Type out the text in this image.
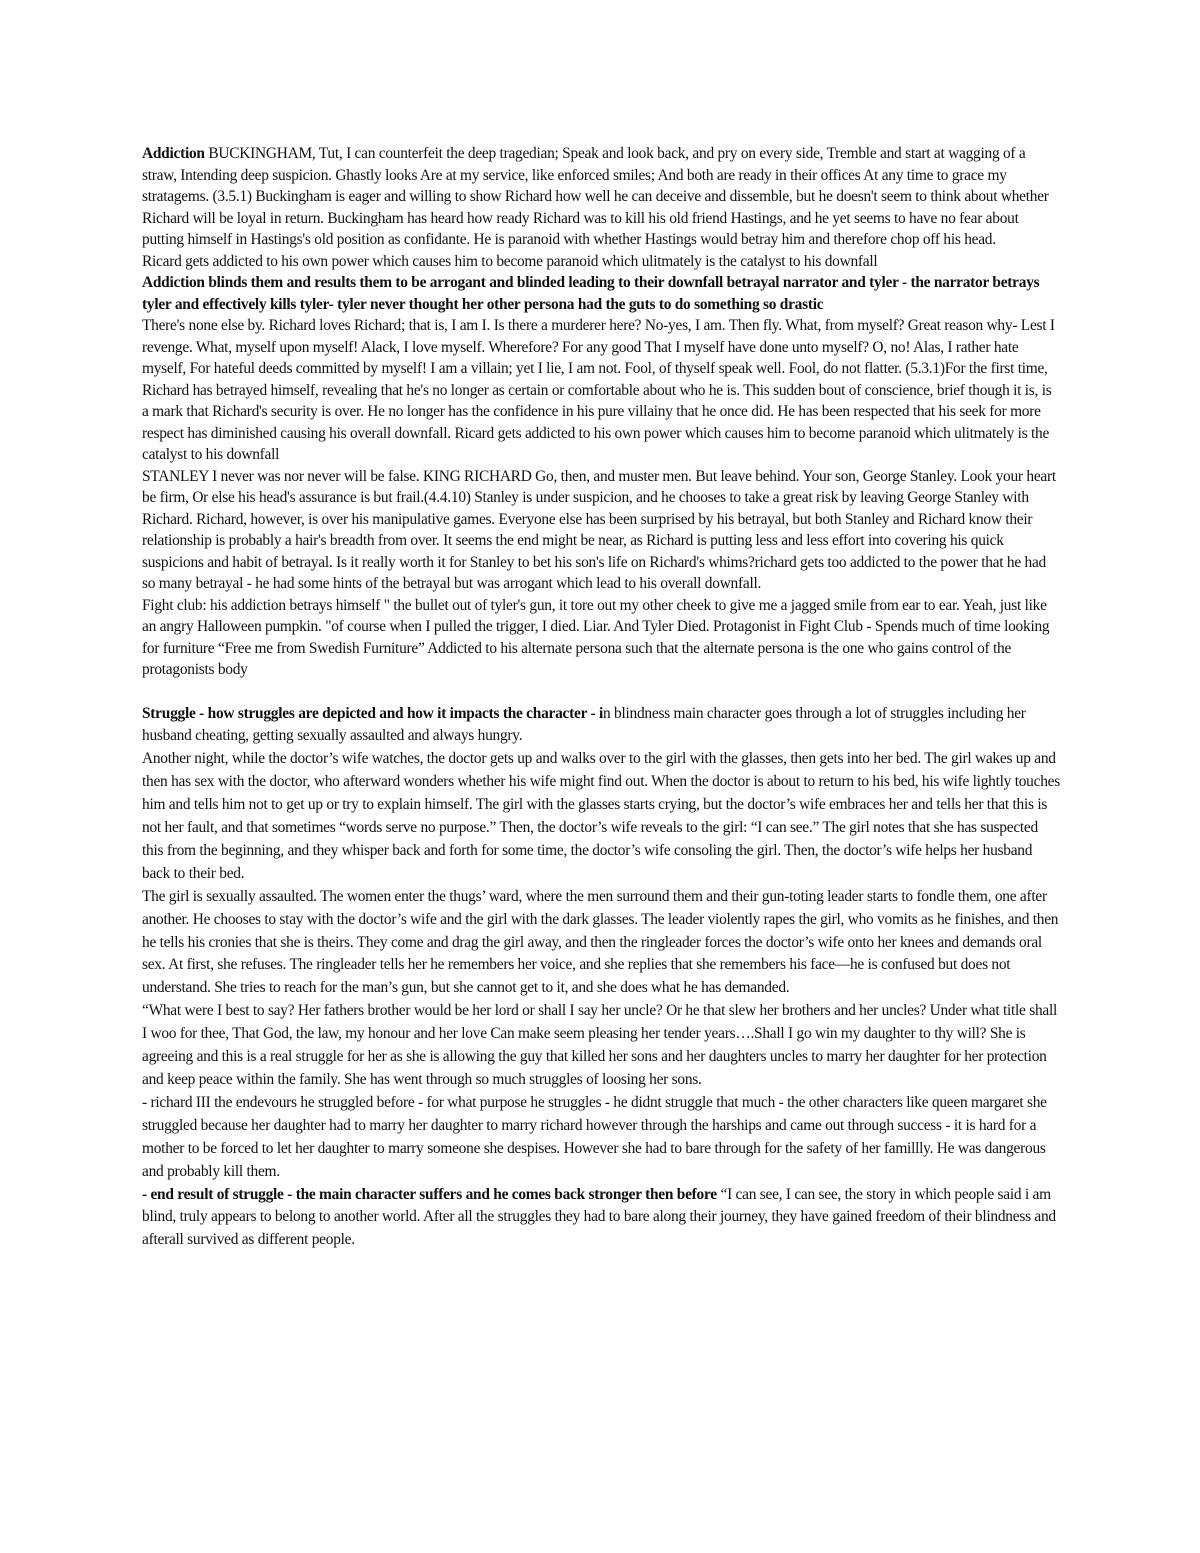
Addiction BUCKINGHAM, Tut, I can counterfeit the deep tragedian; Speak and look back, and pry on every side, Tremble and start at wagging of a straw, Intending deep suspicion. Ghastly looks Are at my service, like enforced smiles; And both are ready in their offices At any time to grace my stratagems. (3.5.1) Buckingham is eager and willing to show Richard how well he can deceive and dissemble, but he doesn't seem to think about whether Richard will be loyal in return. Buckingham has heard how ready Richard was to kill his old friend Hastings, and he yet seems to have no fear about putting himself in Hastings's old position as confidante. He is paranoid with whether Hastings would betray him and therefore chop off his head.

Ricard gets addicted to his own power which causes him to become paranoid which ulitmately is the catalyst to his downfall

Addiction blinds them and results them to be arrogant and blinded leading to their downfall betrayal narrator and tyler - the narrator betrays tyler and effectively kills tyler- tyler never thought her other persona had the guts to do something so drastic

There's none else by. Richard loves Richard; that is, I am I. Is there a murderer here? No-yes, I am. Then fly. What, from myself? Great reason why- Lest I revenge. What, myself upon myself! Alack, I love myself. Wherefore? For any good That I myself have done unto myself? O, no! Alas, I rather hate myself, For hateful deeds committed by myself! I am a villain; yet I lie, I am not. Fool, of thyself speak well. Fool, do not flatter. (5.3.1)For the first time, Richard has betrayed himself, revealing that he's no longer as certain or comfortable about who he is. This sudden bout of conscience, brief though it is, is a mark that Richard's security is over. He no longer has the confidence in his pure villainy that he once did. He has been respected that his seek for more respect has diminished causing his overall downfall. Ricard gets addicted to his own power which causes him to become paranoid which ulitmately is the catalyst to his downfall

STANLEY I never was nor never will be false. KING RICHARD Go, then, and muster men. But leave behind. Your son, George Stanley. Look your heart be firm, Or else his head's assurance is but frail.(4.4.10) Stanley is under suspicion, and he chooses to take a great risk by leaving George Stanley with Richard. Richard, however, is over his manipulative games. Everyone else has been surprised by his betrayal, but both Stanley and Richard know their relationship is probably a hair's breadth from over. It seems the end might be near, as Richard is putting less and less effort into covering his quick suspicions and habit of betrayal. Is it really worth it for Stanley to bet his son's life on Richard's whims?richard gets too addicted to the power that he had so many betrayal - he had some hints of the betrayal but was arrogant which lead to his overall downfall.

Fight club: his addiction betrays himself " the bullet out of tyler's gun, it tore out my other cheek to give me a jagged smile from ear to ear. Yeah, just like an angry Halloween pumpkin. "of course when I pulled the trigger, I died. Liar. And Tyler Died. Protagonist in Fight Club - Spends much of time looking for furniture “Free me from Swedish Furniture” Addicted to his alternate persona such that the alternate persona is the one who gains control of the protagonists body

Struggle - how struggles are depicted and how it impacts the character - in blindness main character goes through a lot of struggles including her husband cheating, getting sexually assaulted and always hungry.

Another night, while the doctor’s wife watches, the doctor gets up and walks over to the girl with the glasses, then gets into her bed. The girl wakes up and then has sex with the doctor, who afterward wonders whether his wife might find out. When the doctor is about to return to his bed, his wife lightly touches him and tells him not to get up or try to explain himself. The girl with the glasses starts crying, but the doctor’s wife embraces her and tells her that this is not her fault, and that sometimes “words serve no purpose.” Then, the doctor’s wife reveals to the girl: “I can see.” The girl notes that she has suspected this from the beginning, and they whisper back and forth for some time, the doctor’s wife consoling the girl. Then, the doctor’s wife helps her husband back to their bed.

The girl is sexually assaulted. The women enter the thugs’ ward, where the men surround them and their gun-toting leader starts to fondle them, one after another. He chooses to stay with the doctor’s wife and the girl with the dark glasses. The leader violently rapes the girl, who vomits as he finishes, and then he tells his cronies that she is theirs. They come and drag the girl away, and then the ringleader forces the doctor’s wife onto her knees and demands oral sex. At first, she refuses. The ringleader tells her he remembers her voice, and she replies that she remembers his face—he is confused but does not understand. She tries to reach for the man’s gun, but she cannot get to it, and she does what he has demanded.

“What were I best to say? Her fathers brother would be her lord or shall I say her uncle? Or he that slew her brothers and her uncles? Under what title shall I woo for thee, That God, the law, my honour and her love Can make seem pleasing her tender years….Shall I go win my daughter to thy will? She is agreeing and this is a real struggle for her as she is allowing the guy that killed her sons and her daughters uncles to marry her daughter for her protection and keep peace within the family. She has went through so much struggles of loosing her sons.

- richard III the endevours he struggled before - for what purpose he struggles - he didnt struggle that much - the other characters like queen margaret she struggled because her daughter had to marry her daughter to marry richard however through the harships and came out through success - it is hard for a mother to be forced to let her daughter to marry someone she despises. However she had to bare through for the safety of her famillly. He was dangerous and probably kill them.

- end result of struggle - the main character suffers and he comes back stronger then before “I can see, I can see, the story in which people said i am blind, truly appears to belong to another world. After all the struggles they had to bare along their journey, they have gained freedom of their blindness and afterall survived as different people.
